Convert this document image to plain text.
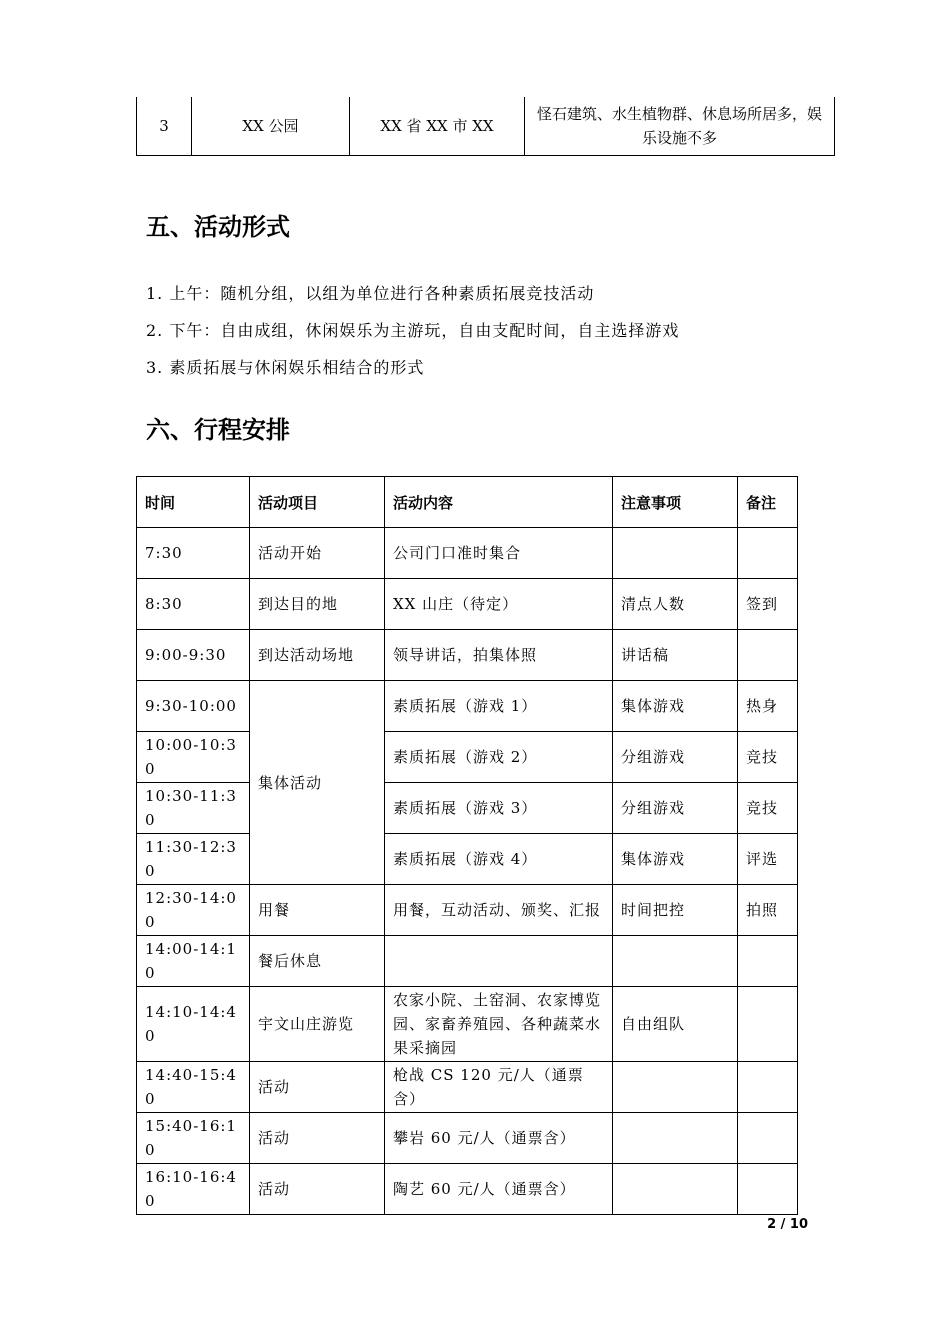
3	XX 公园	XX 省 XX 市 XX	怪石建筑、水生植物群、休息场所居多，娱乐设施不多
五、活动形式
1. 上午：随机分组，以组为单位进行各种素质拓展竞技活动
2. 下午：自由成组，休闲娱乐为主游玩，自由支配时间，自主选择游戏
3. 素质拓展与休闲娱乐相结合的形式
六、行程安排
时间	活动项目	活动内容	注意事项	备注
7:30	活动开始	公司门口准时集合		
8:30	到达目的地	XX 山庄（待定）	清点人数	签到
9:00-9:30	到达活动场地	领导讲话，拍集体照	讲话稿	
9:30-10:00	集体活动	素质拓展（游戏 1）	集体游戏	热身
10:00-10:30		素质拓展（游戏 2）	分组游戏	竞技
10:30-11:30		素质拓展（游戏 3）	分组游戏	竞技
11:30-12:30		素质拓展（游戏 4）	集体游戏	评选
12:30-14:00	用餐	用餐，互动活动、颁奖、汇报	时间把控	拍照
14:00-14:10	餐后休息			
14:10-14:40	宇文山庄游览	农家小院、土窑洞、农家博览园、家畜养殖园、各种蔬菜水果采摘园	自由组队	
14:40-15:40	活动	枪战 CS 120 元/人（通票含）		
15:40-16:10	活动	攀岩 60 元/人（通票含）		
16:10-16:40	活动	陶艺 60 元/人（通票含）		
2 / 10
